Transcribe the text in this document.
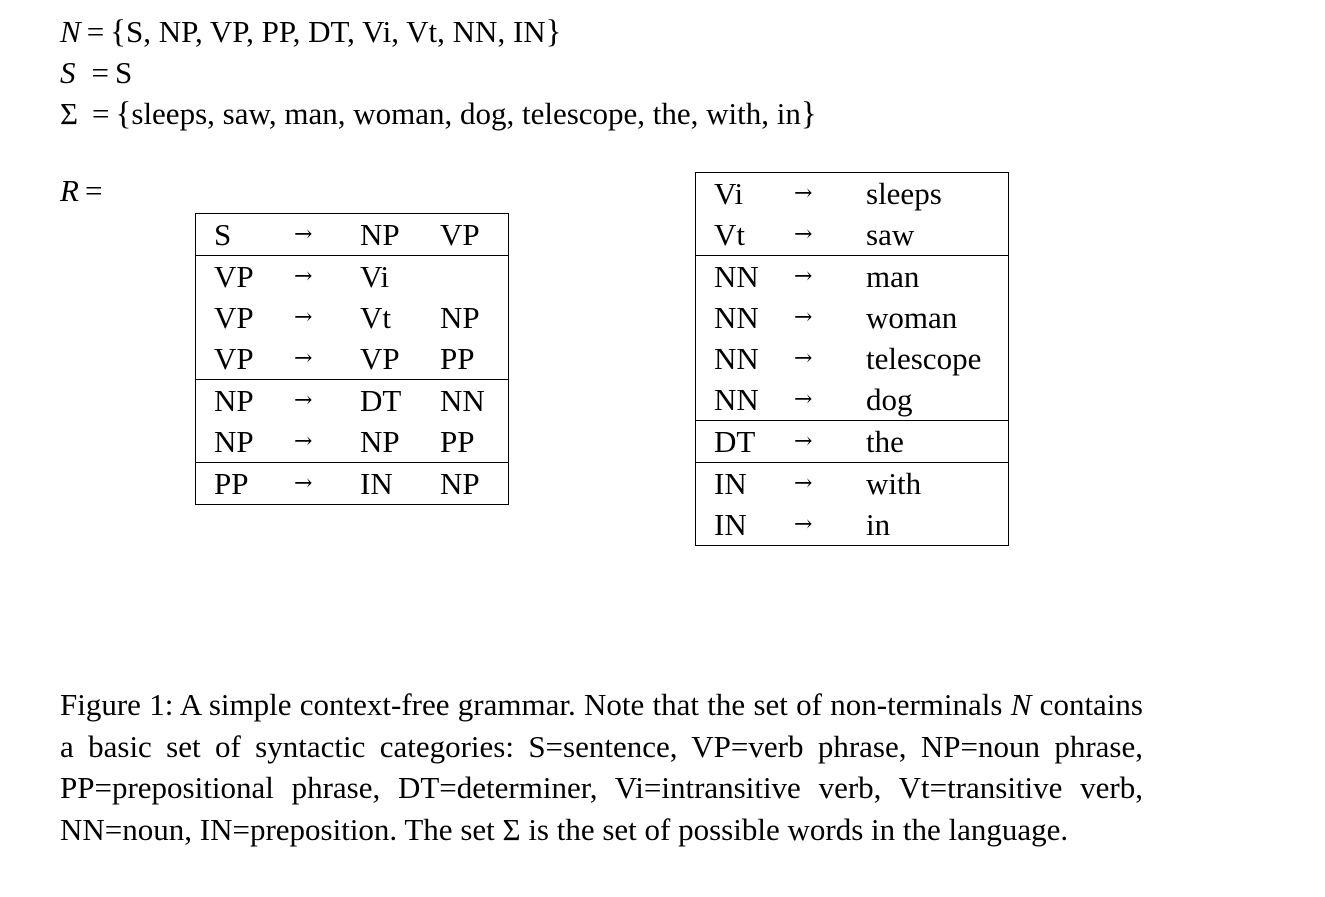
N = {S, NP, VP, PP, DT, Vi, Vt, NN, IN}
S = S
Σ = {sleeps, saw, man, woman, dog, telescope, the, with, in}
R =
S	→	NP	VP
VP	→	Vi
VP	→	Vt	NP
VP	→	VP	PP
NP	→	DT	NN
NP	→	NP	PP
PP	→	IN	NP
Vi	→	sleeps
Vt	→	saw
NN	→	man
NN	→	woman
NN	→	telescope
NN	→	dog
DT	→	the
IN	→	with
IN	→	in
Figure 1: A simple context-free grammar. Note that the set of non-terminals N contains a basic set of syntactic categories: S=sentence, VP=verb phrase, NP=noun phrase, PP=prepositional phrase, DT=determiner, Vi=intransitive verb, Vt=transitive verb, NN=noun, IN=preposition. The set Σ is the set of possible words in the language.
